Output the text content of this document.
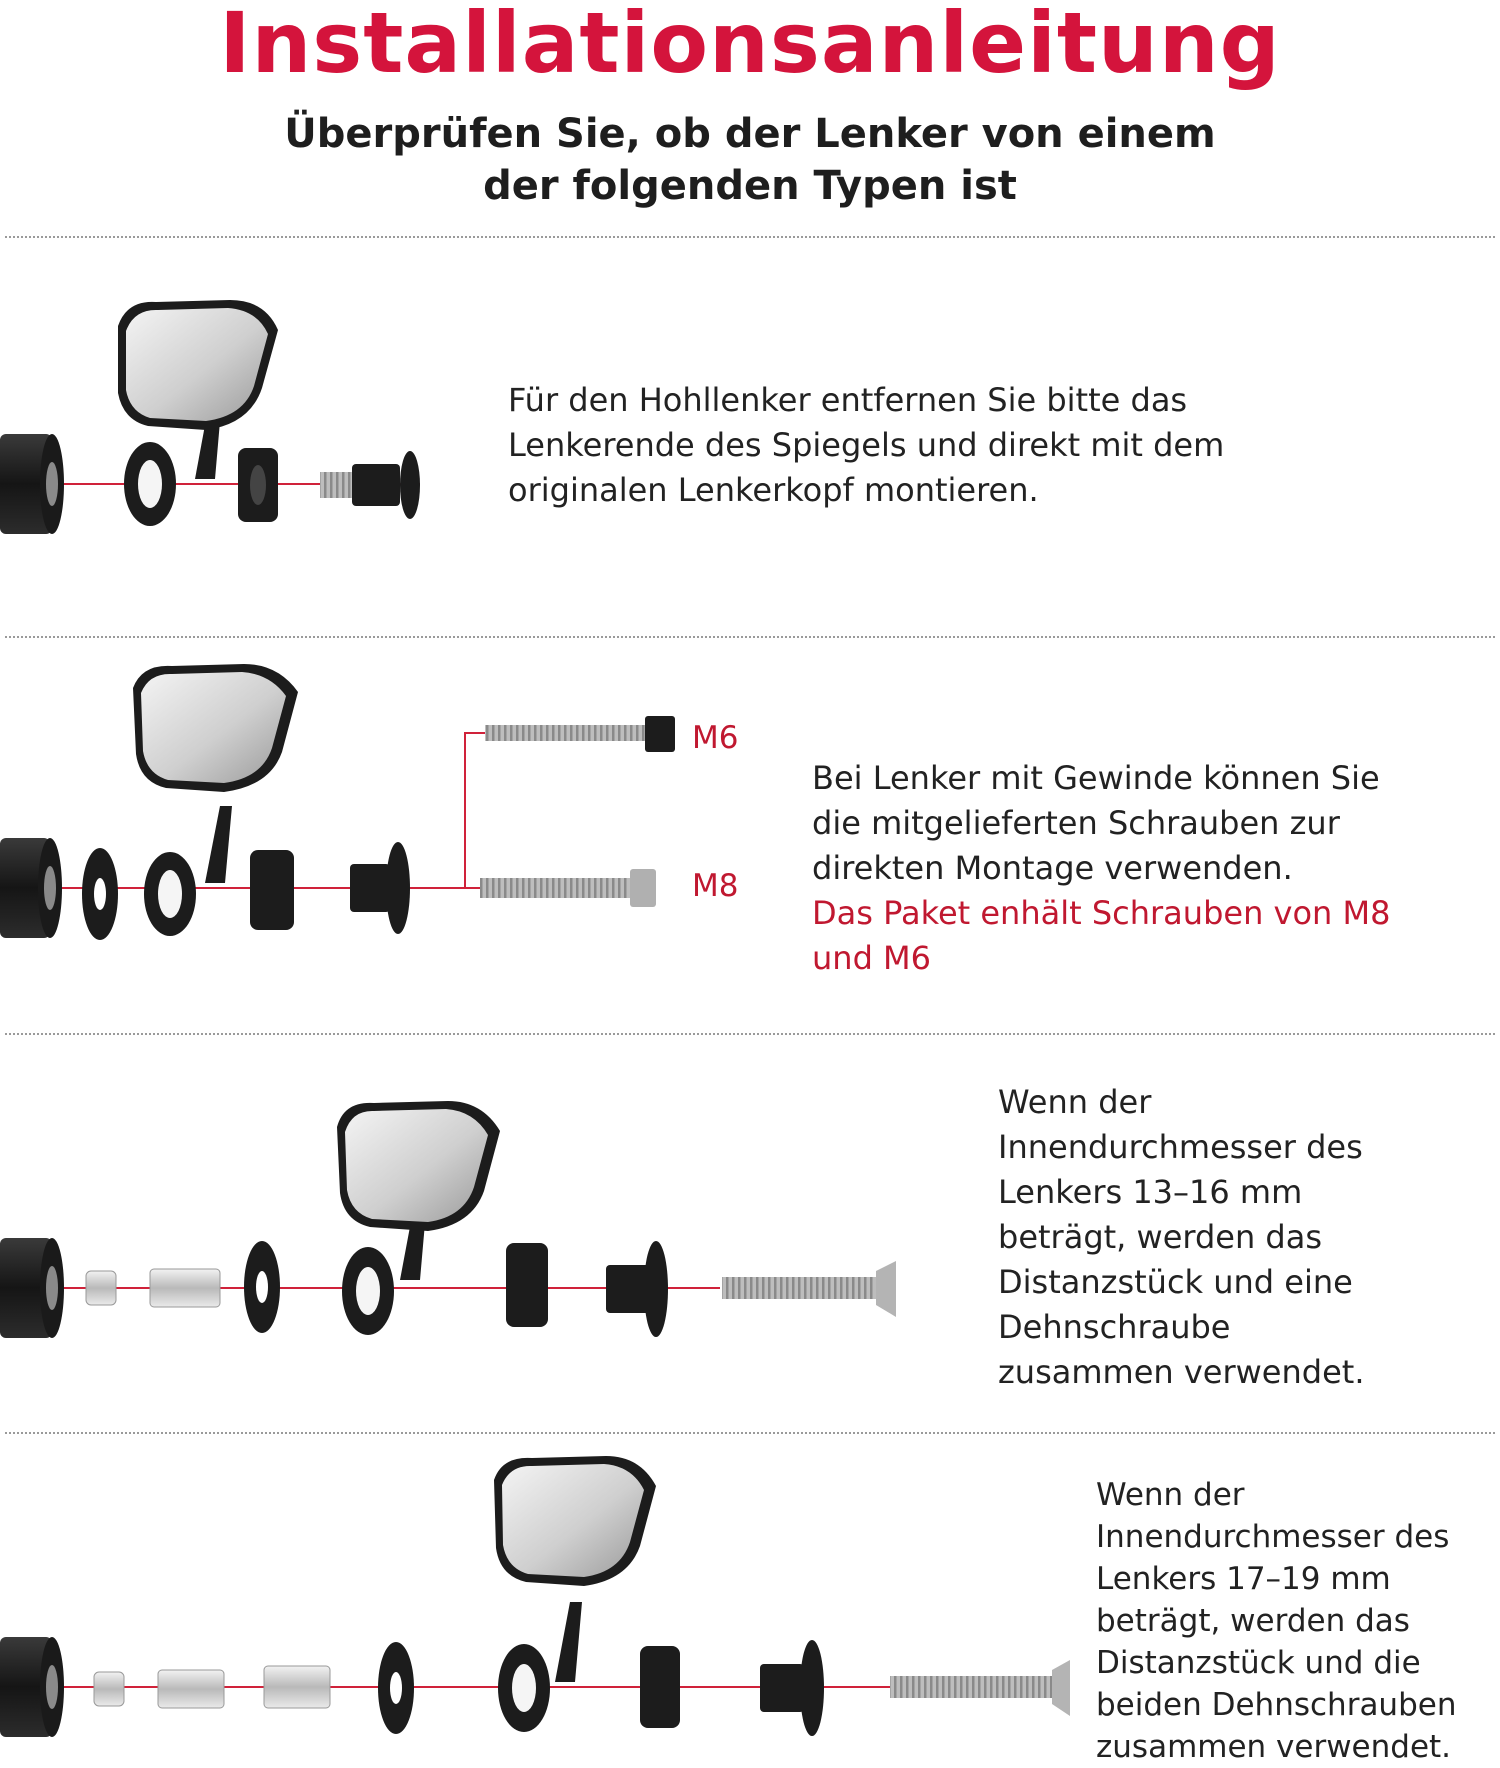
Installationsanleitung
Überprüfen Sie, ob der Lenker von einem
der folgenden Typen ist
Für den Hohllenker entfernen Sie bitte das
Lenkerende des Spiegels und direkt mit dem
originalen Lenkerkopf montieren.
M6
M8
Bei Lenker mit Gewinde können Sie
die mitgelieferten Schrauben zur
direkten Montage verwenden.
Das Paket enhält Schrauben von M8
und M6
Wenn der
Innendurchmesser des
Lenkers 13–16 mm
beträgt, werden das
Distanzstück und eine
Dehnschraube
zusammen verwendet.
Wenn der
Innendurchmesser des
Lenkers 17–19 mm
beträgt, werden das
Distanzstück und die
beiden Dehnschrauben
zusammen verwendet.
